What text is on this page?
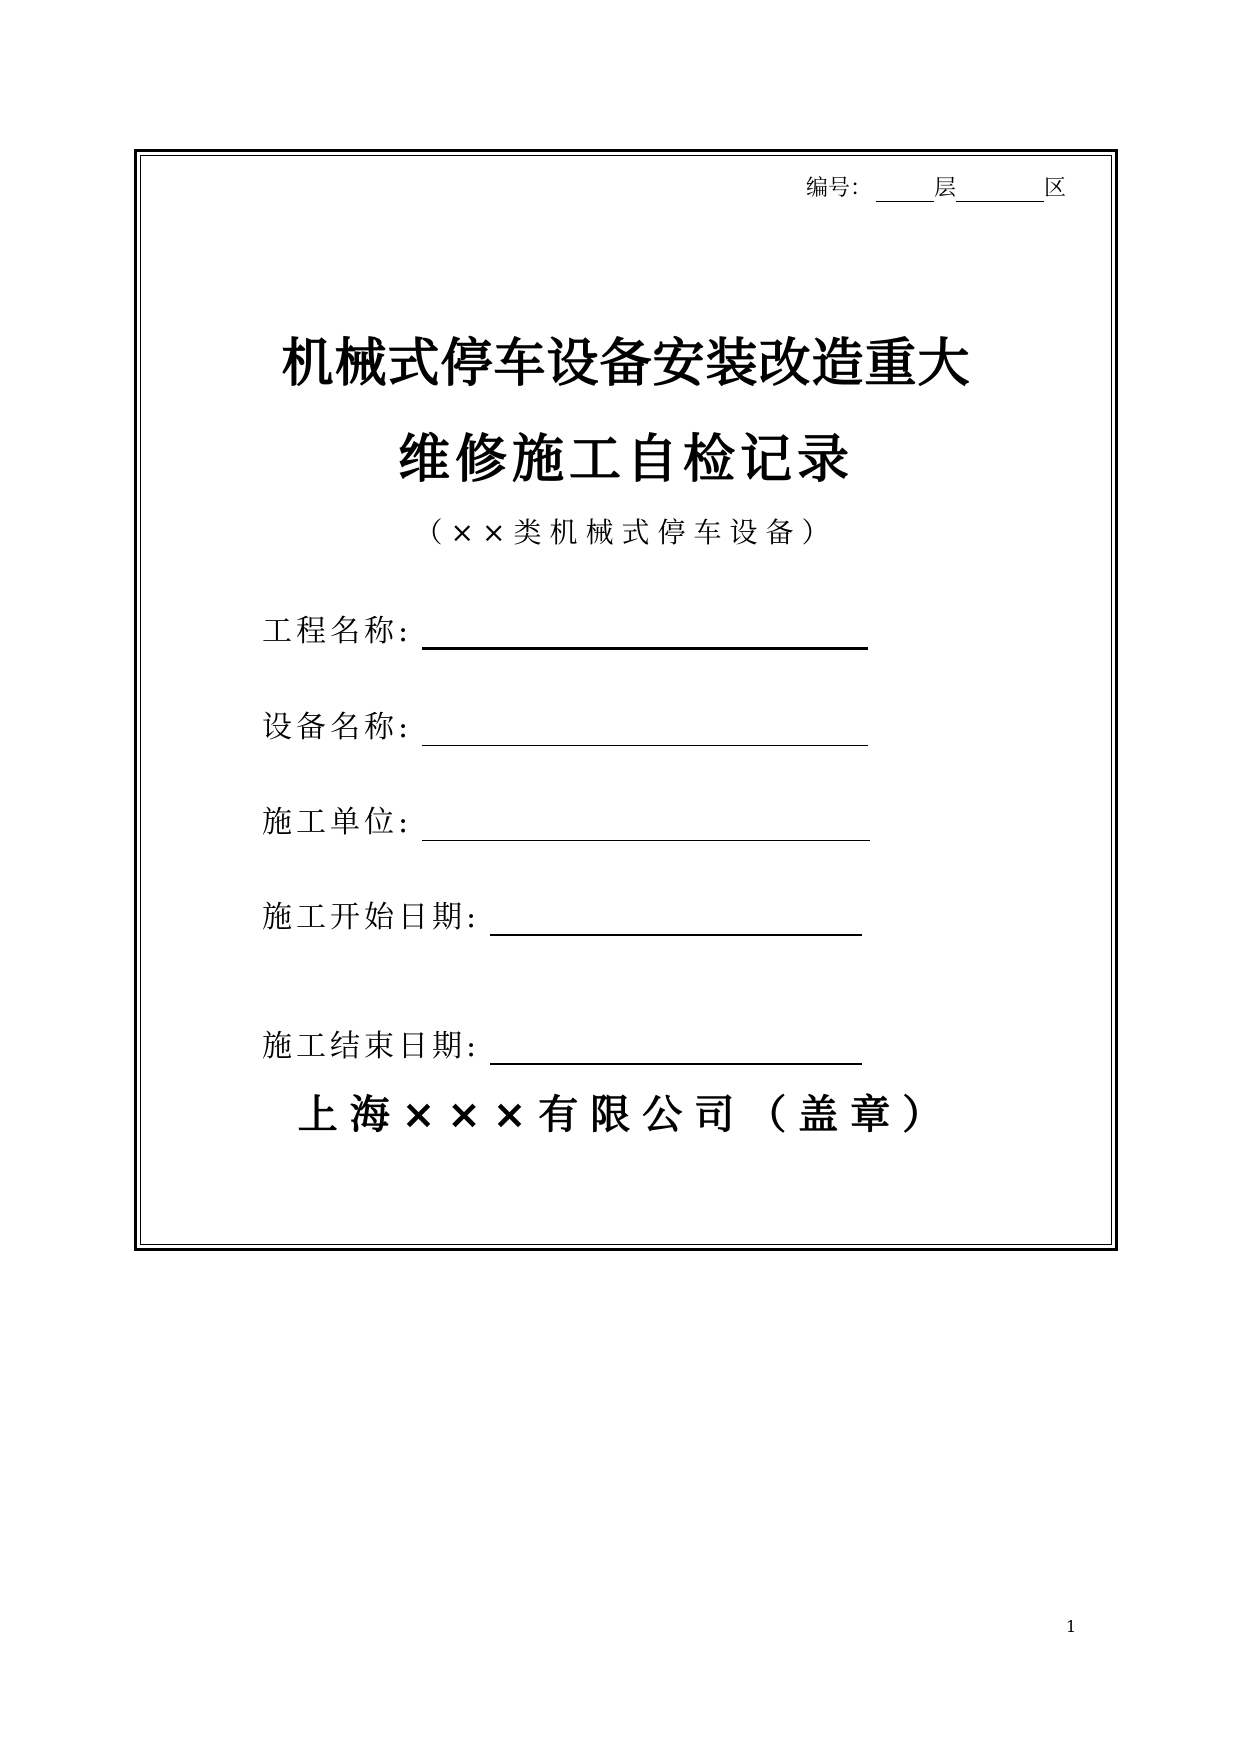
编号：	层	区
机械式停车设备安装改造重大
维修施工自检记录
（××类机械式停车设备）
工程名称:
设备名称:
施工单位:
施工开始日期:
施工结束日期:
上海×××有限公司（盖章）
1
